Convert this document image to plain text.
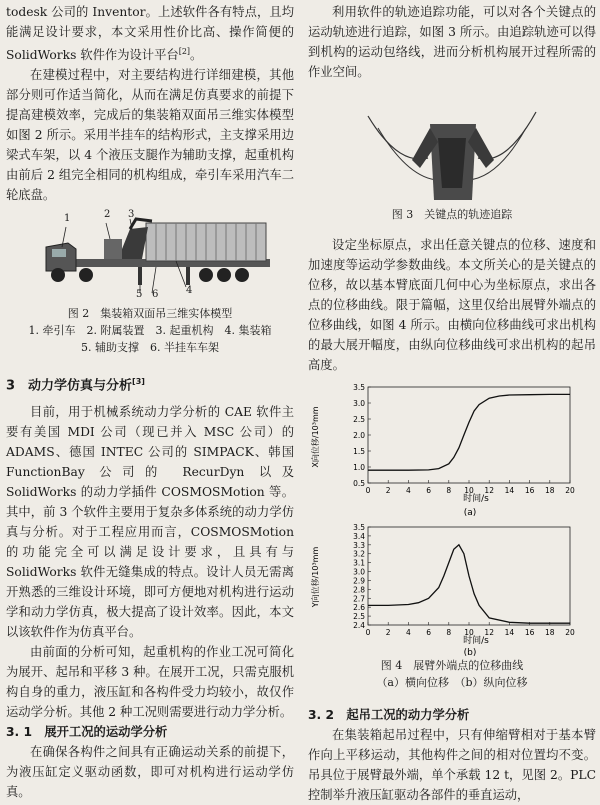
todesk 公司的 Inventor。上述软件各有特点，且均能满足设计要求，本文采用性价比高、操作简便的 SolidWorks 软件作为设计平台[2]。

在建模过程中，对主要结构进行详细建模，其他部分则可作适当简化，从而在满足仿真要求的前提下提高建模效率，完成后的集装箱双面吊三维实体模型如图 2 所示。采用半挂车的结构形式，主支撑采用边梁式车架，以 4 个液压支腿作为辅助支撑，起重机构由前后 2 组完全相同的机构组成，牵引车采用汽车二轮底盘。

1	2 3
4
5 6

图 2　集装箱双面吊三维实体模型

1. 牵引车　2. 附属装置　3. 起重机构　4. 集装箱

5. 辅助支撑　6. 半挂车车架

3　动力学仿真与分析[3]

目前，用于机械系统动力学分析的 CAE 软件主要有美国 MDI 公司（现已并入 MSC 公司）的 ADAMS、德国 INTEC 公司的 SIMPACK、韩国 FunctionBay 公司的 RecurDyn 以及 SolidWorks 的动力学插件 COSMOSMotion 等。其中，前 3 个软件主要用于复杂多体系统的动力学仿真与分析。对于工程应用而言，COSMOSMotion 的功能完全可以满足设计要求，且具有与 SolidWorks 软件无缝集成的特点。设计人员无需离开熟悉的三维设计环境，即可方便地对机构进行运动学和动力学仿真，极大提高了设计效率。因此，本文以该软件作为仿真平台。

由前面的分析可知，起重机构的作业工况可简化为展开、起吊和平移 3 种。在展开工况，只需克服机构自身的重力，液压缸和各构件受力均较小，故仅作运动学分析。其他 2 种工况则需要进行动力学分析。

3. 1　展开工况的运动学分析

在确保各构件之间具有正确运动关系的前提下，为液压缸定义驱动函数，即可对机构进行运动学仿真。

利用软件的轨迹追踪功能，可以对各个关键点的运动轨迹进行追踪，如图 3 所示。由追踪轨迹可以得到机构的运动包络线，进而分析机构展开过程所需的作业空间。

图 3　关键点的轨迹追踪

设定坐标原点，求出任意关键点的位移、速度和加速度等运动学参数曲线。本文所关心的是关键点的位移，故以基本臂底面几何中心为坐标原点，求出各点的位移曲线。限于篇幅，这里仅给出展臂外端点的位移曲线，如图 4 所示。由横向位移曲线可求出机构的最大展开幅度，由纵向位移曲线可求出机构的起吊高度。

X向位移/10³mm
时间/s
(a)
0.5
1.0
1.5
2.0
2.5
3.0
3.5
0 2 4 6 8 10 12 14 16 18 20
Y向位移/10³mm
时间/s
(b)
2.4
2.5
2.6
2.7
2.8
2.9
3.0
3.1
3.2
3.3
3.4
3.5
0 2 4 6 8 10 12 14 16 18 20

图 4　展臂外端点的位移曲线

（a）横向位移　（b）纵向位移

3. 2　起吊工况的动力学分析

在集装箱起吊过程中，只有伸缩臂相对于基本臂作向上平移运动，其他构件之间的相对位置均不变。吊具位于展臂最外端，单个承载 12 t，见图 2。PLC 控制举升液压缸驱动各部件的垂直运动，
